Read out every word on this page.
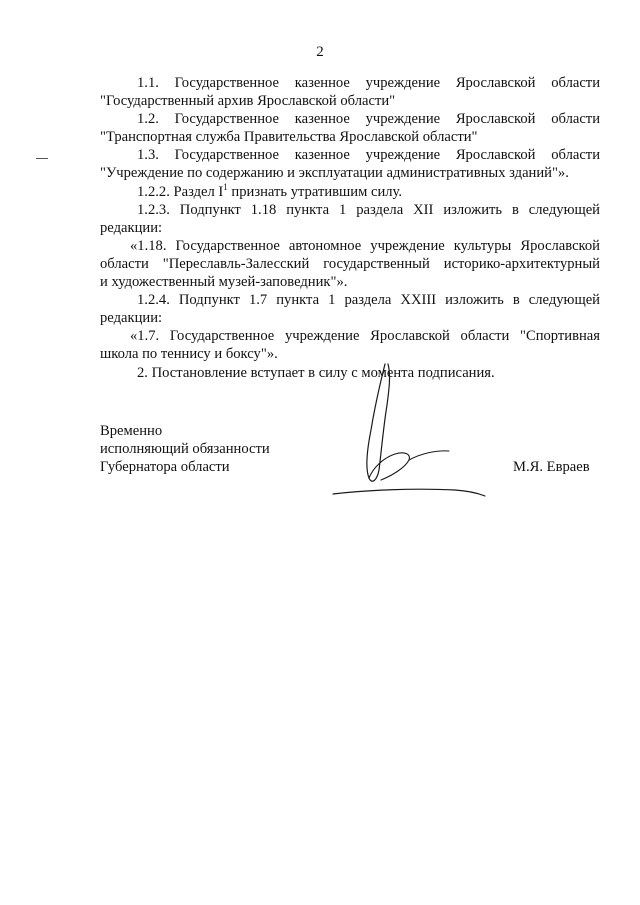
2
1.1. Государственное казенное учреждение Ярославской области
"Государственный архив Ярославской области"
1.2. Государственное казенное учреждение Ярославской области
"Транспортная служба Правительства Ярославской области"
1.3. Государственное казенное учреждение Ярославской области
"Учреждение по содержанию и эксплуатации административных зданий"».
1.2.2. Раздел $I^1$ признать утратившим силу.
1.2.3. Подпункт 1.18 пункта 1 раздела XII изложить в следующей
редакции:
«1.18. Государственное автономное учреждение культуры Ярославской
области "Переславль-Залесский государственный историко-архитектурный
и художественный музей-заповедник"».
1.2.4. Подпункт 1.7 пункта 1 раздела XXIII изложить в следующей
редакции:
«1.7. Государственное учреждение Ярославской области "Спортивная
школа по теннису и боксу"».
2. Постановление вступает в силу с момента подписания.
Временно
исполняющий обязанности
Губернатора области	М.Я. Евраев
